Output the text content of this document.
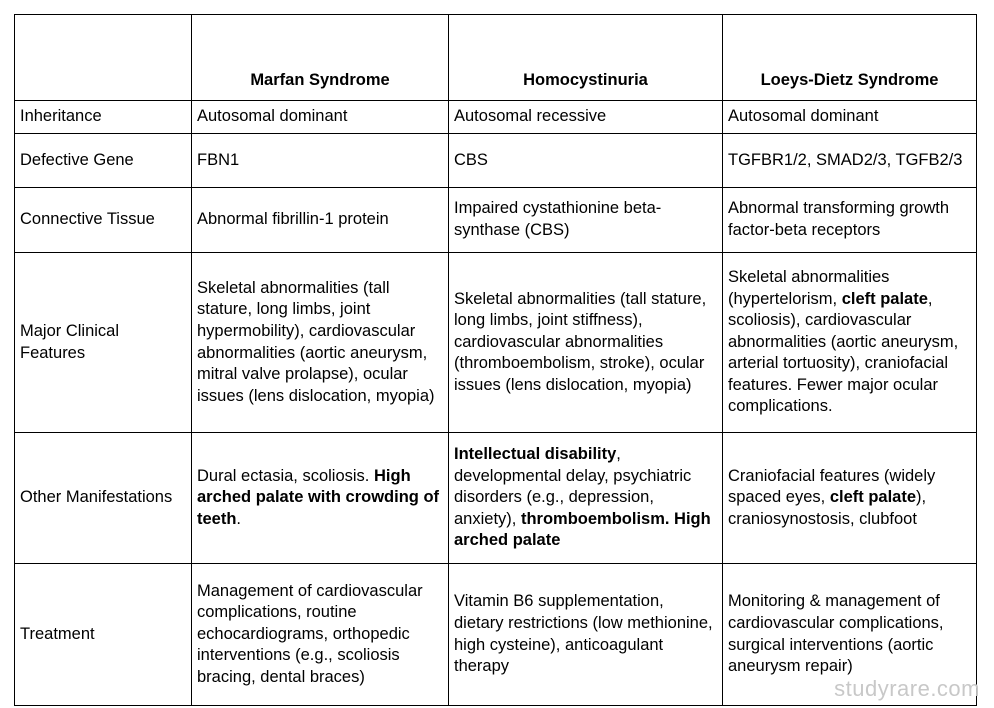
	Marfan Syndrome	Homocystinuria	Loeys-Dietz Syndrome
Inheritance	Autosomal dominant	Autosomal recessive	Autosomal dominant
Defective Gene	FBN1	CBS	TGFBR1/2, SMAD2/3, TGFB2/3
Connective Tissue	Abnormal fibrillin-1 protein	Impaired cystathionine beta-synthase (CBS)	Abnormal transforming growth factor-beta receptors
Major Clinical Features	Skeletal abnormalities (tall stature, long limbs, joint hypermobility), cardiovascular abnormalities (aortic aneurysm, mitral valve prolapse), ocular issues (lens dislocation, myopia)	Skeletal abnormalities (tall stature, long limbs, joint stiffness), cardiovascular abnormalities (thromboembolism, stroke), ocular issues (lens dislocation, myopia)	Skeletal abnormalities (hypertelorism, cleft palate, scoliosis), cardiovascular abnormalities (aortic aneurysm, arterial tortuosity), craniofacial features. Fewer major ocular complications.
Other Manifestations	Dural ectasia, scoliosis. High arched palate with crowding of teeth.	Intellectual disability, developmental delay, psychiatric disorders (e.g., depression, anxiety), thromboembolism. High arched palate	Craniofacial features (widely spaced eyes, cleft palate), craniosynostosis, clubfoot
Treatment	Management of cardiovascular complications, routine echocardiograms, orthopedic interventions (e.g., scoliosis bracing, dental braces)	Vitamin B6 supplementation, dietary restrictions (low methionine, high cysteine), anticoagulant therapy	Monitoring & management of cardiovascular complications, surgical interventions (aortic aneurysm repair)
studyrare.com
